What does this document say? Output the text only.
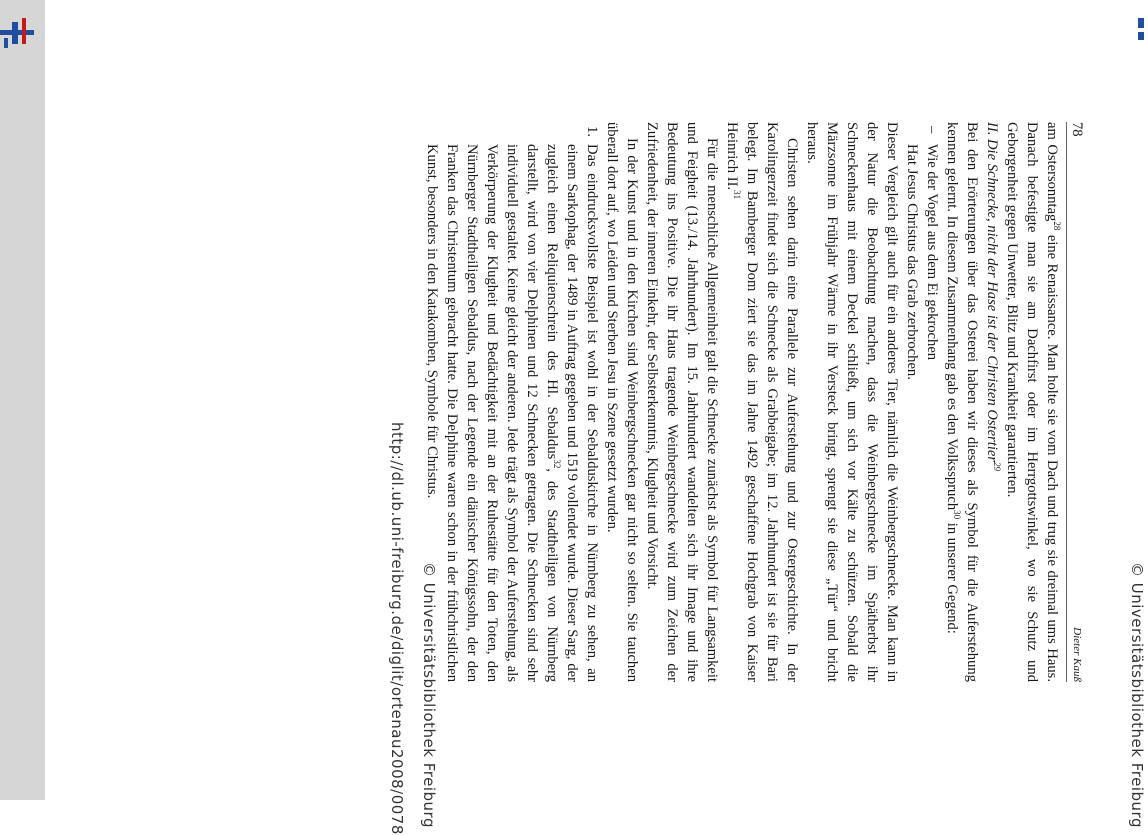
http://dl.ub.uni-freiburg.de/diglit/ortenau2008/0078 © Universitätsbibliothek Freiburg	© Universitätsbibliothek Freiburg
78
Dieter Kauß

am Ostersonntag$^{28}$ eine Renaissance. Man holte sie vom Dach und trug sie dreimal ums Haus. Danach befestigte man sie am Dachfirst oder im Herrgottswinkel, wo sie Schutz und Geborgenheit gegen Unwetter, Blitz und Krankheit garantierten.

II. Die Schnecke, nicht der Hase ist der Christen Ostertier$^{29}$

Bei den Erörterungen über das Osterei haben wir dieses als Symbol für die Auferstehung kennen gelernt. In diesem Zusammenhang gab es den Volksspruch$^{30}$ in unserer Gegend:

–
Wie der Vogel aus dem Ei gekrochen
Hat Jesus Christus das Grab zerbrochen.

Dieser Vergleich gilt auch für ein anderes Tier, nämlich die Weinbergschnecke. Man kann in der Natur die Beobachtung machen, dass die Weinbergschnecke im Spätherbst ihr Schneckenhaus mit einem Deckel schließt, um sich vor Kälte zu schützen. Sobald die Märzsonne im Frühjahr Wärme in ihr Versteck bringt, sprengt sie diese „Tür“ und bricht heraus.

Christen sehen darin eine Parallele zur Auferstehung und zur Ostergeschichte. In der Karolingerzeit findet sich die Schnecke als Grabbeigabe; im 12. Jahrhundert ist sie für Bari belegt. Im Bamberger Dom ziert sie das im Jahre 1492 geschaffene Hochgrab von Kaiser Heinrich II.$^{31}$

Für die menschliche Allgemeinheit galt die Schnecke zunächst als Symbol für Langsamkeit und Feigheit (13./14. Jahrhundert). Im 15. Jahrhundert wandelten sich ihr Image und ihre Bedeutung ins Positive. Die ihr Haus tragende Weinbergschnecke wird zum Zeichen der Zufriedenheit, der inneren Einkehr, der Selbsterkenntnis, Klugheit und Vorsicht.

In der Kunst und in den Kirchen sind Weinbergschnecken gar nicht so selten. Sie tauchen überall dort auf, wo Leiden und Sterben Jesu in Szene gesetzt wurden.

1.

Das eindrucksvollste Beispiel ist wohl in der Sebalduskirche in Nürnberg zu sehen, an einem Sarkophag, der 1489 in Auftrag gegeben und 1519 vollendet wurde. Dieser Sarg, der zugleich einen Reliquienschrein des Hl. Sebaldus$^{32}$, des Stadtheiligen von Nürnberg darstellt, wird von vier Delphinen und 12 Schnecken getragen. Die Schnecken sind sehr individuell gestaltet. Keine gleicht der anderen. Jede trägt als Symbol der Auferstehung, als Verkörperung der Klugheit und Bedächtigkeit mit an der Ruhestätte für den Toten, den Nürnberger Stadtheiligen Sebaldus, nach der Legende ein dänischer Königssohn, der den Franken das Christentum gebracht hatte. Die Delphine waren schon in der frühchristlichen Kunst, besonders in den Katakomben, Symbole für Christus.
